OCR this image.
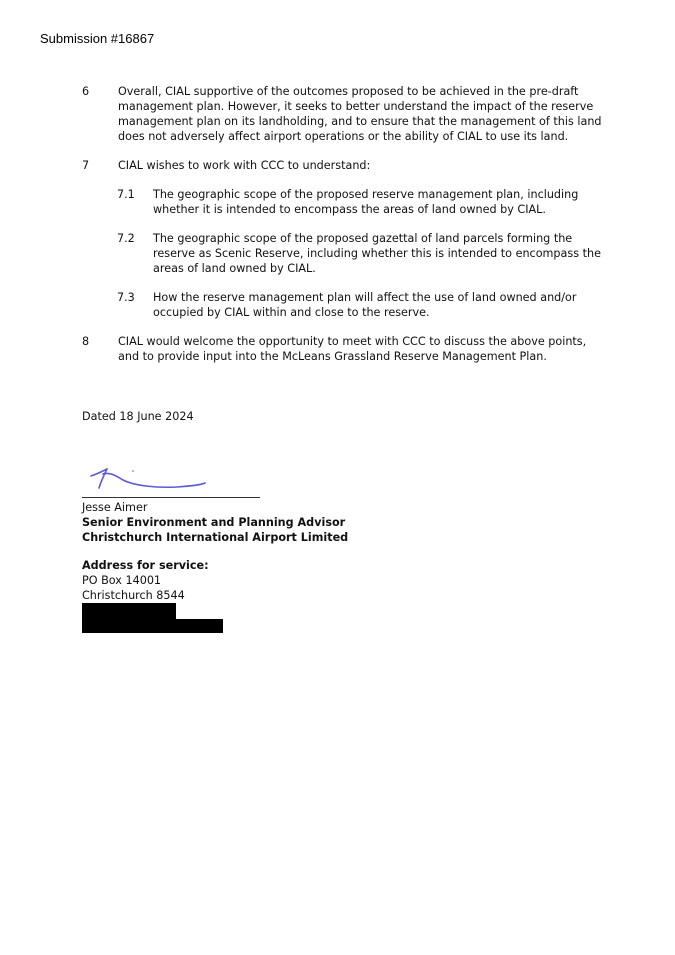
Submission #16867
6	Overall, CIAL supportive of the outcomes proposed to be achieved in the pre-draft management plan. However, it seeks to better understand the impact of the reserve management plan on its landholding, and to ensure that the management of this land does not adversely affect airport operations or the ability of CIAL to use its land.
7	CIAL wishes to work with CCC to understand:
7.1 The geographic scope of the proposed reserve management plan, including whether it is intended to encompass the areas of land owned by CIAL.
7.2 The geographic scope of the proposed gazettal of land parcels forming the reserve as Scenic Reserve, including whether this is intended to encompass the areas of land owned by CIAL.
7.3 How the reserve management plan will affect the use of land owned and/or occupied by CIAL within and close to the reserve.
8	CIAL would welcome the opportunity to meet with CCC to discuss the above points, and to provide input into the McLeans Grassland Reserve Management Plan.
Dated 18 June 2024
Jesse Aimer
Senior Environment and Planning Advisor
Christchurch International Airport Limited
Address for service:
PO Box 14001
Christchurch 8544
